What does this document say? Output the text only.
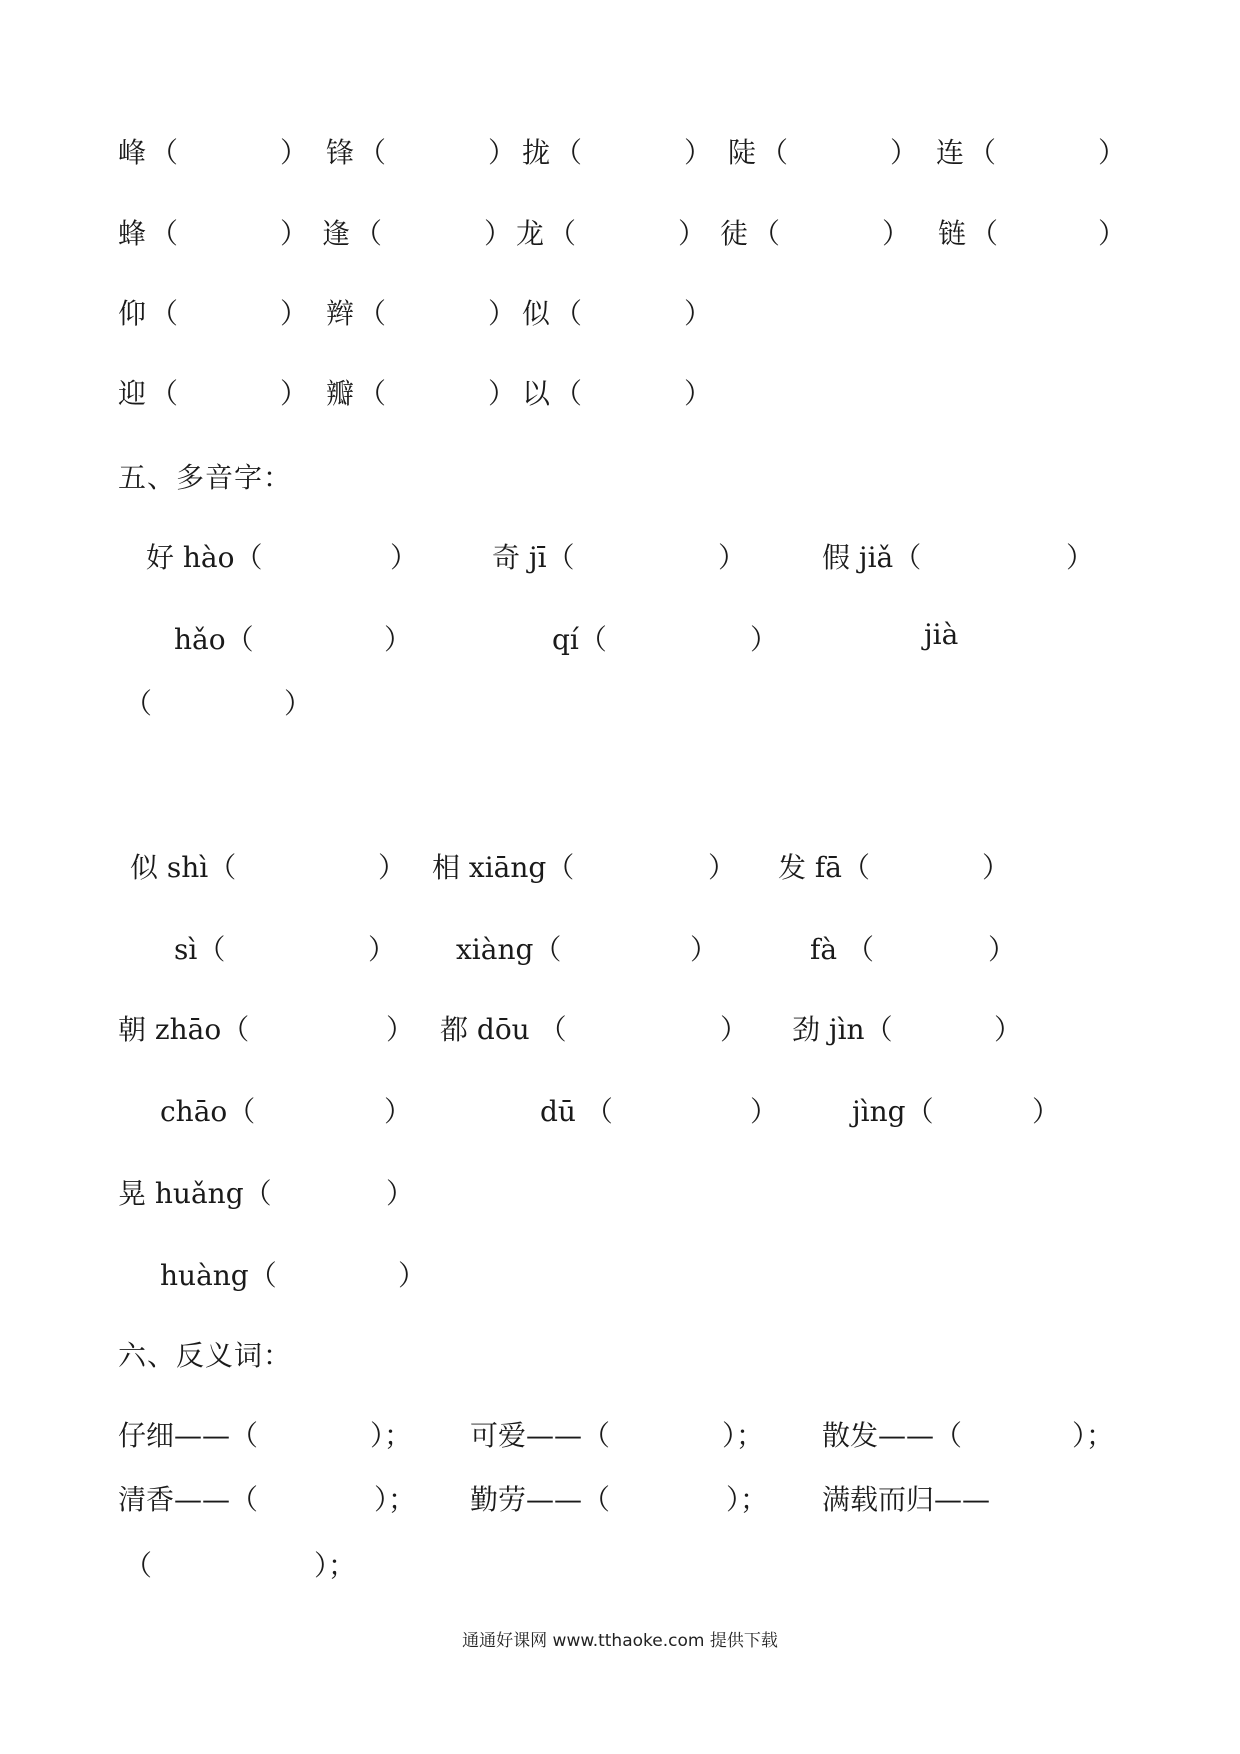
峰 （	） 锋 （	） 拢 （	） 陡 （	） 连 （	）
蜂 （	） 逢 （	） 龙 （	） 徒 （	） 链 （	）
仰 （	） 辫 （	） 似 （	）
迎 （	） 瓣 （	） 以 （	）
五、多音字：
好 hào（	）	奇 jī（	）	假 jiǎ（	）
hǎo（	）	qí（	）	jià
（	）
似 shì（	） 相 xiāng（	） 发 fā（	）
sì（	） xiàng（	）	fà （	）
朝 zhāo（	） 都 dōu （	） 劲 jìn（	）
chāo（	）	dū （	）	jìng（	）
晃 huǎng（	）
huàng（	）
六、反义词：
仔细——（	）； 可爱——（	）； 散发——（	）；
清香——（	）； 勤劳——（	）； 满载而归——
（	）；
通通好课网 www.tthaoke.com 提供下载
